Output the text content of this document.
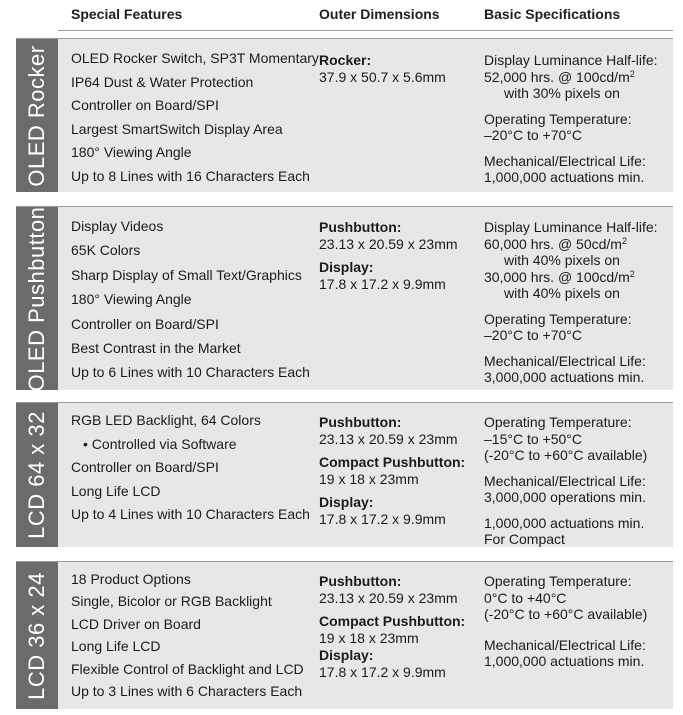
Special Features	Outer Dimensions	Basic Specifications
OLED Rocker OLED Rocker Switch, SP3T Momentary
IP64 Dust & Water Protection
Controller on Board/SPI
Largest SmartSwitch Display Area
180° Viewing Angle
Up to 8 Lines with 16 Characters Each
Rocker:
37.9 x 50.7 x 5.6mm
Display Luminance Half-life:
52,000 hrs. @ $100cd/m^2$
with 30% pixels on
Operating Temperature:
–20°C to +70°C
Mechanical/Electrical Life:
1,000,000 actuations min.
OLED Pushbutton Display Videos
65K Colors
Sharp Display of Small Text/Graphics
180° Viewing Angle
Controller on Board/SPI
Best Contrast in the Market
Up to 6 Lines with 10 Characters Each
Pushbutton:
23.13 x 20.59 x 23mm
Display:
17.8 x 17.2 x 9.9mm
Display Luminance Half-life:
60,000 hrs. @ $50cd/m^2$
with 40% pixels on
30,000 hrs. @ $100cd/m^2$
with 40% pixels on
Operating Temperature:
–20°C to +70°C
Mechanical/Electrical Life:
3,000,000 actuations min.
LCD 64 x 32 RGB LED Backlight, 64 Colors
• Controlled via Software
Controller on Board/SPI
Long Life LCD
Up to 4 Lines with 10 Characters Each
Pushbutton:
23.13 x 20.59 x 23mm
Compact Pushbutton:
19 x 18 x 23mm
Display:
17.8 x 17.2 x 9.9mm
Operating Temperature:
–15°C to +50°C
(-20°C to +60°C available)
Mechanical/Electrical Life:
3,000,000 operations min.
1,000,000 actuations min.
For Compact
LCD 36 x 24 18 Product Options
Single, Bicolor or RGB Backlight
LCD Driver on Board
Long Life LCD
Flexible Control of Backlight and LCD
Up to 3 Lines with 6 Characters Each
Pushbutton:
23.13 x 20.59 x 23mm
Compact Pushbutton:
19 x 18 x 23mm
Display:
17.8 x 17.2 x 9.9mm
Operating Temperature:
0°C to +40°C
(-20°C to +60°C available)
Mechanical/Electrical Life:
1,000,000 actuations min.
